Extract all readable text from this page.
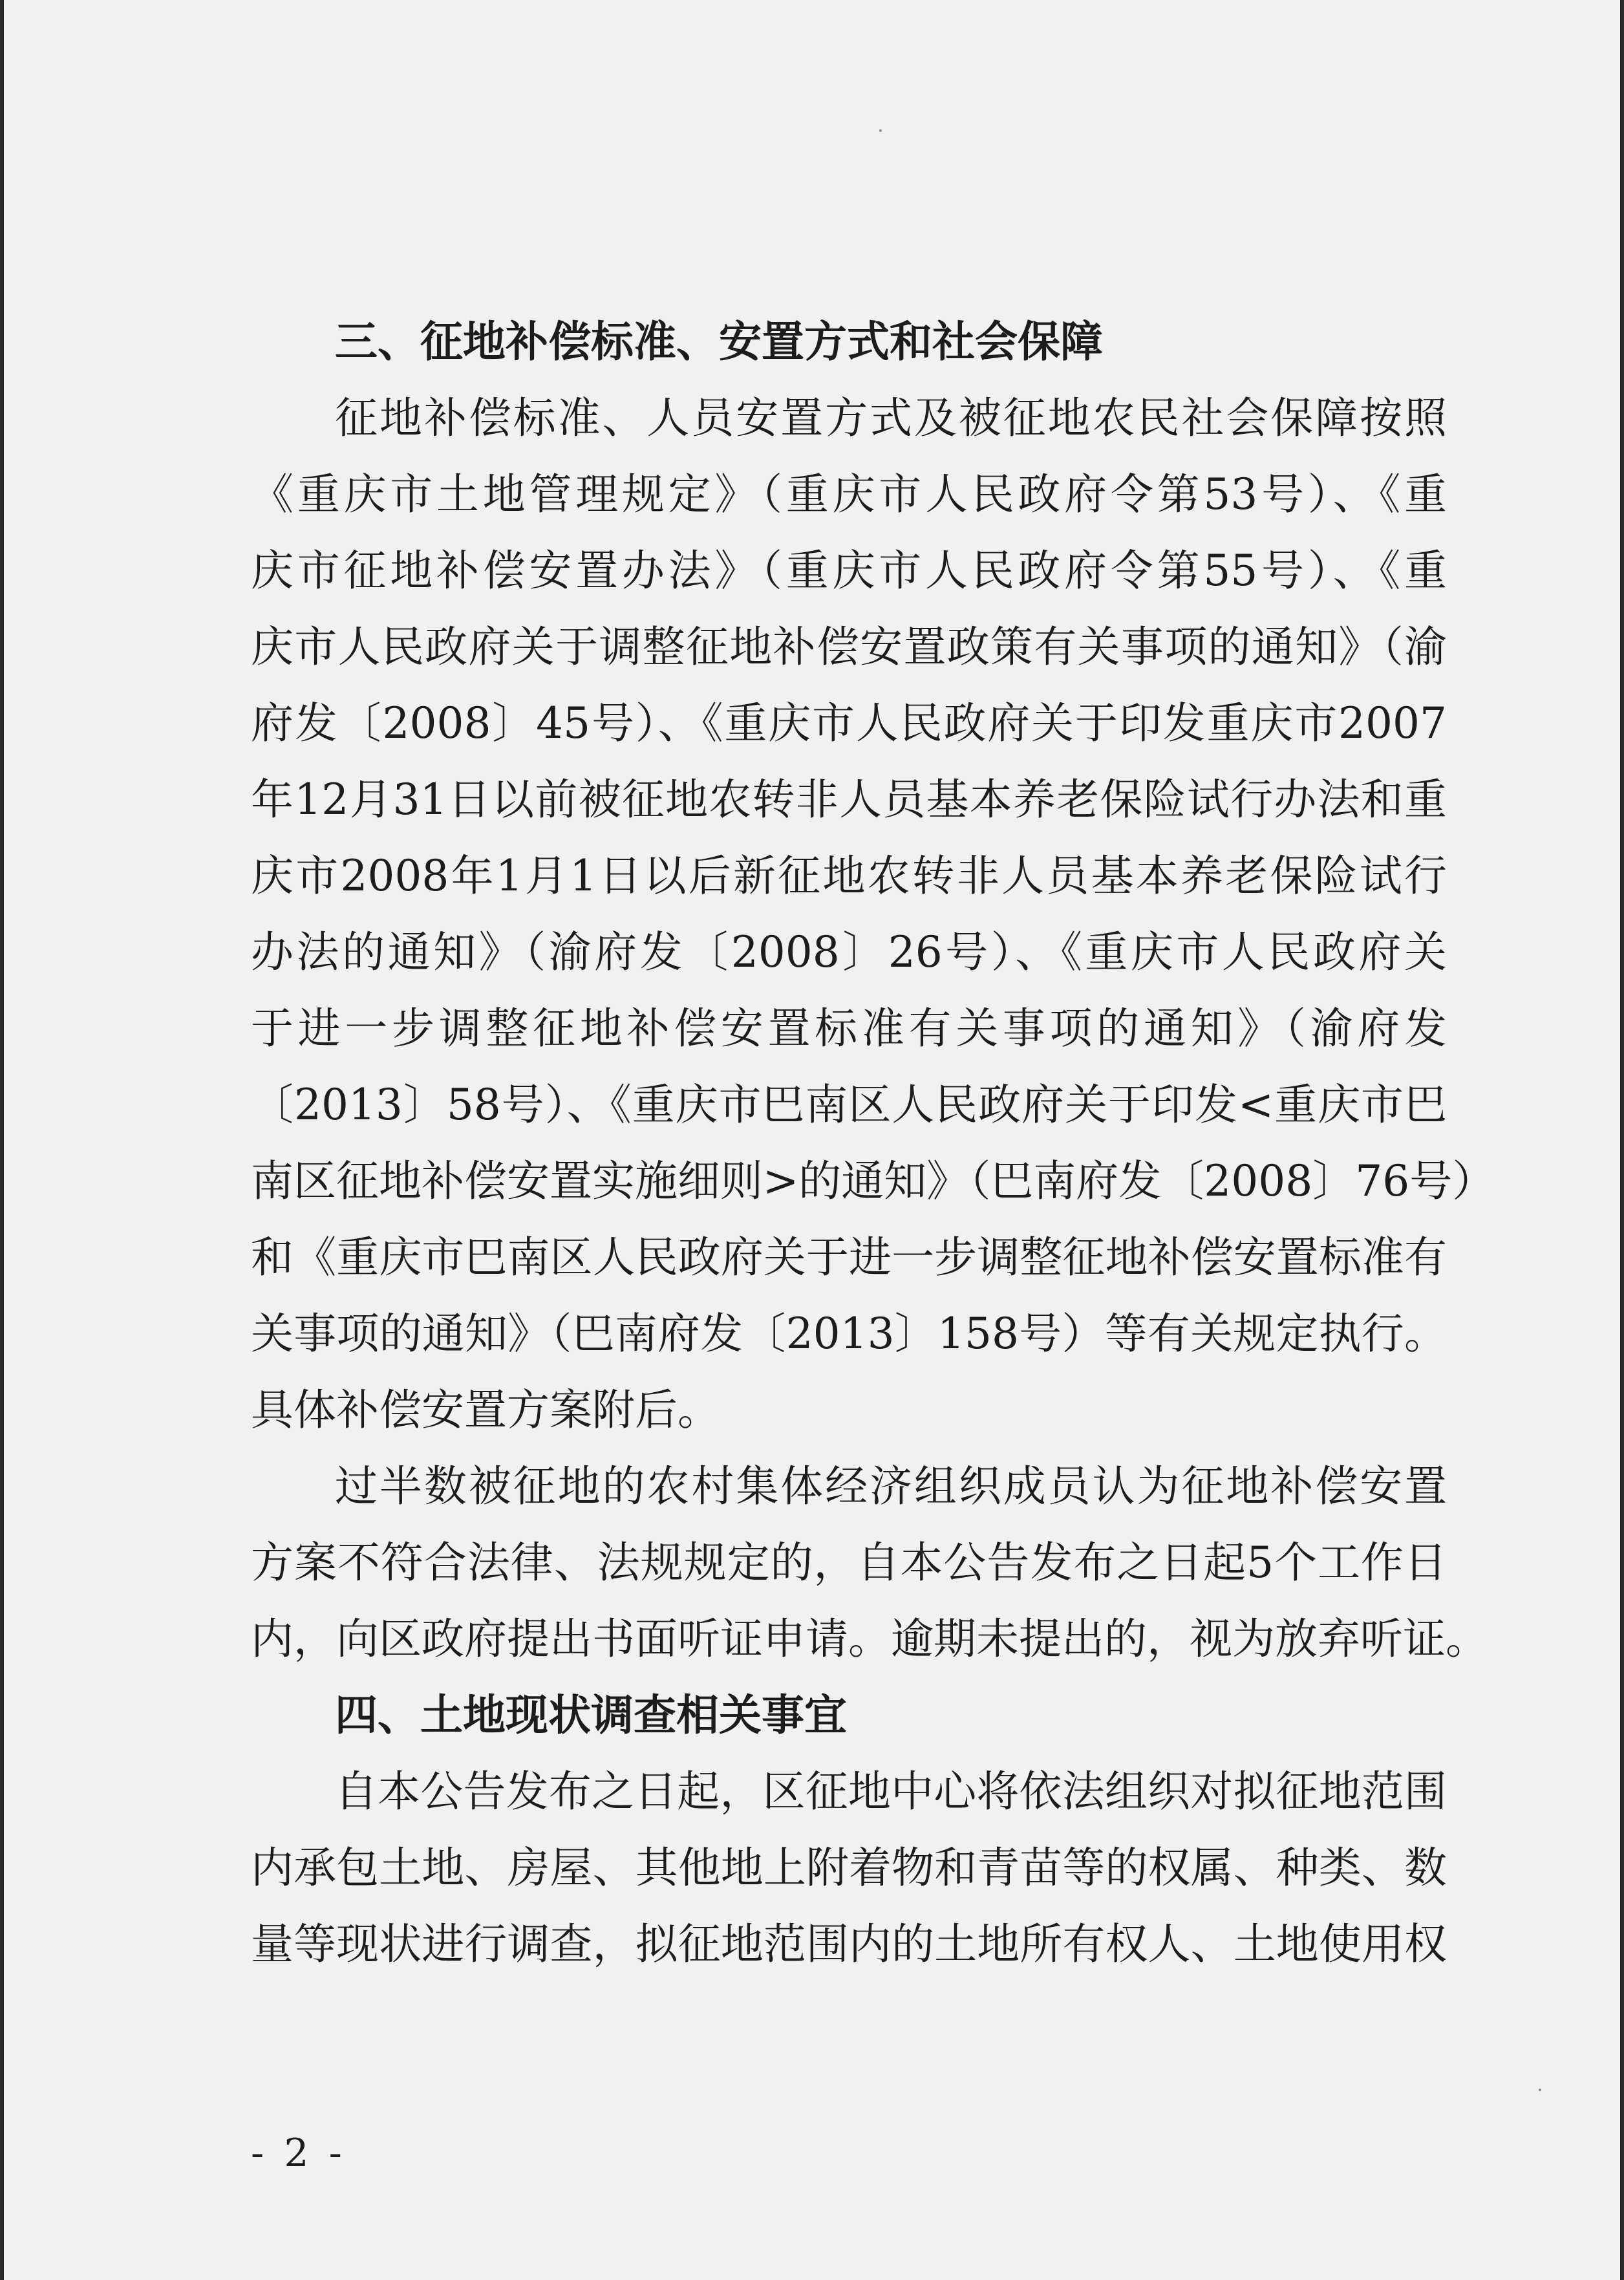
三、征地补偿标准、安置方式和社会保障

征地补偿标准、人员安置方式及被征地农民社会保障按照
《重庆市土地管理规定》（重庆市人民政府令第53号）、《重
庆市征地补偿安置办法》（重庆市人民政府令第55号）、《重
庆市人民政府关于调整征地补偿安置政策有关事项的通知》（渝
府发〔2008〕45号）、《重庆市人民政府关于印发重庆市2007
年12月31日以前被征地农转非人员基本养老保险试行办法和重
庆市2008年1月1日以后新征地农转非人员基本养老保险试行
办法的通知》（渝府发〔2008〕26号）、《重庆市人民政府关
于进一步调整征地补偿安置标准有关事项的通知》（渝府发
〔2013〕58号）、《重庆市巴南区人民政府关于印发<重庆市巴
南区征地补偿安置实施细则>的通知》（巴南府发〔2008〕76号）
和《重庆市巴南区人民政府关于进一步调整征地补偿安置标准有
关事项的通知》（巴南府发〔2013〕158号）等有关规定执行。
具体补偿安置方案附后。

过半数被征地的农村集体经济组织成员认为征地补偿安置
方案不符合法律、法规规定的，自本公告发布之日起5个工作日
内，向区政府提出书面听证申请。逾期未提出的，视为放弃听证。

四、土地现状调查相关事宜

自本公告发布之日起，区征地中心将依法组织对拟征地范围
内承包土地、房屋、其他地上附着物和青苗等的权属、种类、数
量等现状进行调查，拟征地范围内的土地所有权人、土地使用权

- 2 -
